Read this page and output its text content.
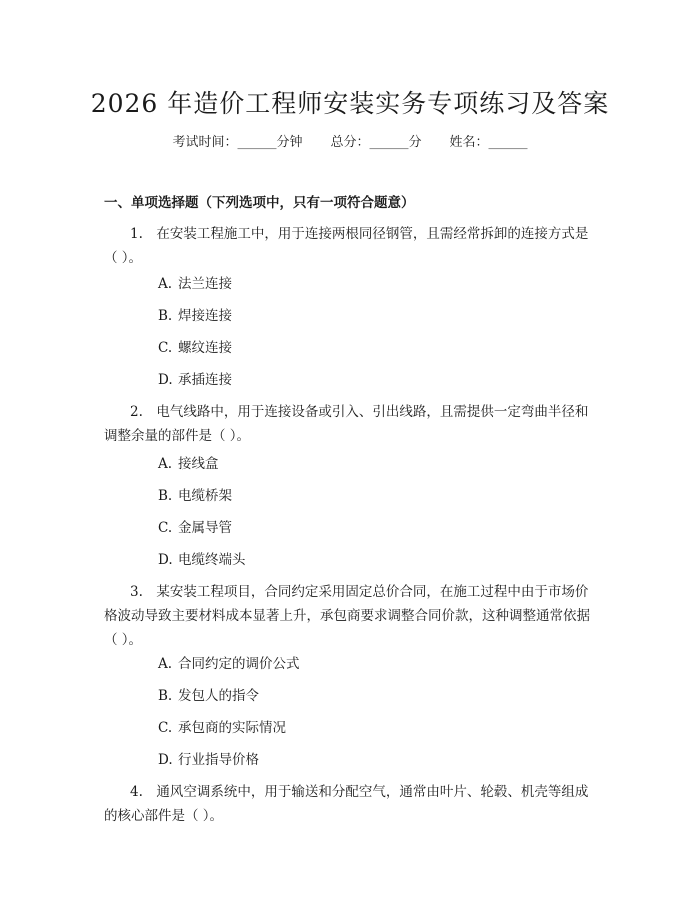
2026 年造价工程师安装实务专项练习及答案
考试时间：______分钟 总分：______分 姓名：______
一、单项选择题（下列选项中，只有一项符合题意）
1.　在安装工程施工中，用于连接两根同径钢管，且需经常拆卸的连接方式是（ ）。
A. 法兰连接
B. 焊接连接
C. 螺纹连接
D. 承插连接
2.　电气线路中，用于连接设备或引入、引出线路，且需提供一定弯曲半径和调整余量的部件是（ ）。
A. 接线盒
B. 电缆桥架
C. 金属导管
D. 电缆终端头
3.　某安装工程项目，合同约定采用固定总价合同，在施工过程中由于市场价格波动导致主要材料成本显著上升，承包商要求调整合同价款，这种调整通常依据（ ）。
A. 合同约定的调价公式
B. 发包人的指令
C. 承包商的实际情况
D. 行业指导价格
4.　通风空调系统中，用于输送和分配空气，通常由叶片、轮毂、机壳等组成的核心部件是（ ）。
